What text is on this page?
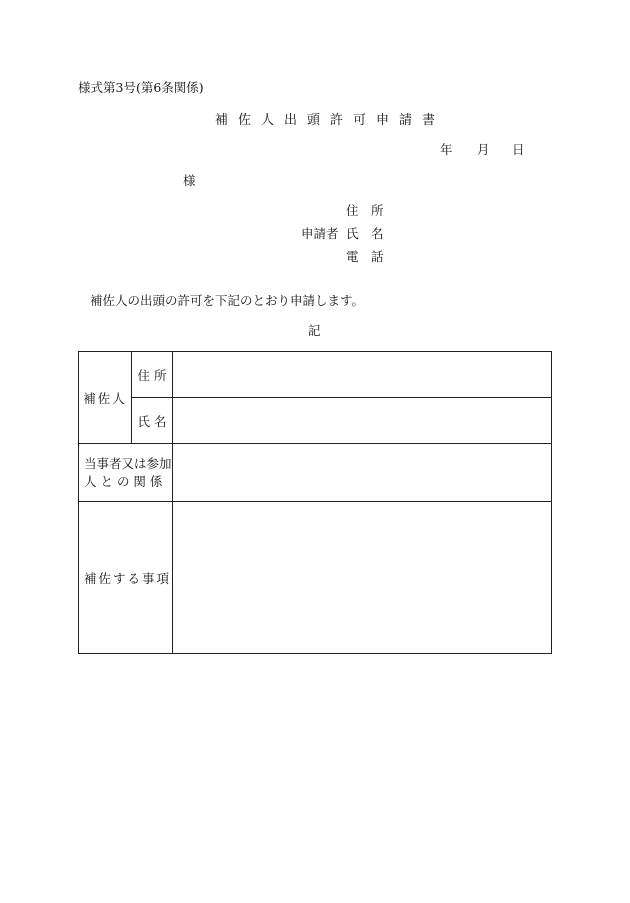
様式第3号(第6条関係)
補佐人出頭許可申請書
年 月 日
様
住　所
申請者 氏　名
電　話
補佐人の出頭の許可を下記のとおり申請します。
記
補佐人	住 所	
	氏 名	

当事者又は参加
人 と の 関 係		

補佐する事項		
